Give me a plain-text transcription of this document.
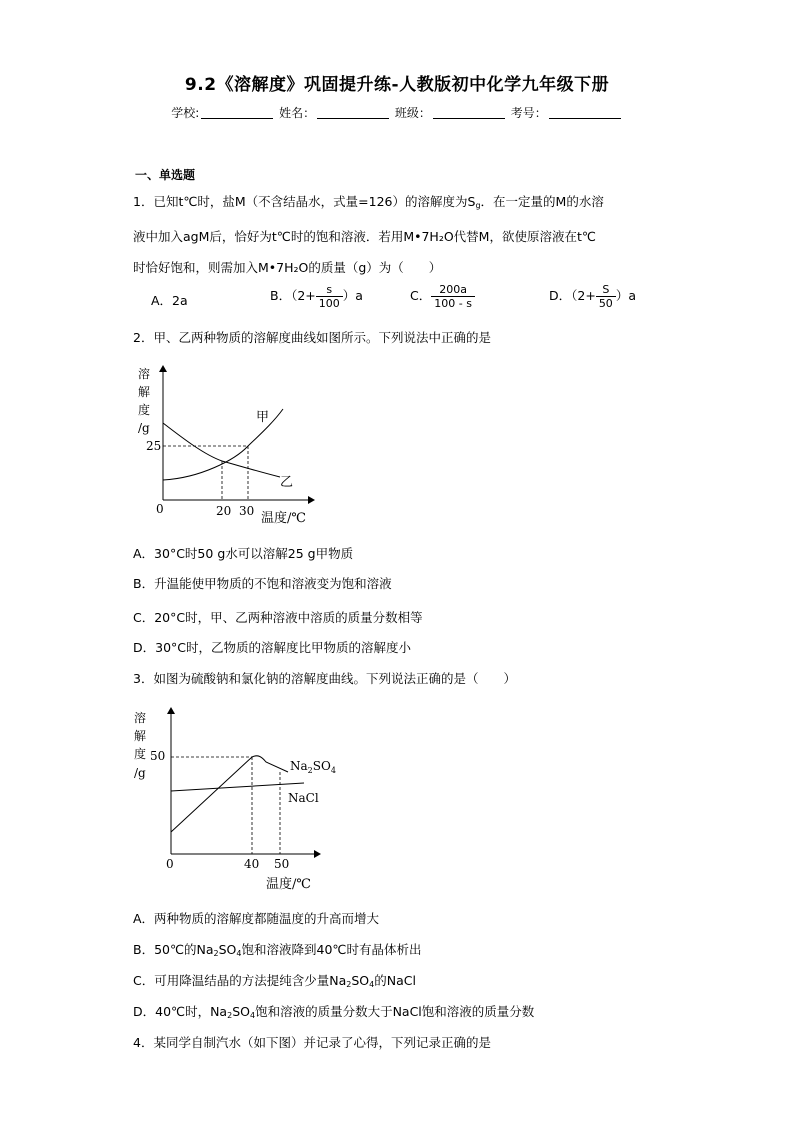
9.2《溶解度》巩固提升练-人教版初中化学九年级下册
学校:	姓名：	班级：	考号：
一、单选题
1．已知t℃时，盐M（不含结晶水，式量=126）的溶解度为$S_g$．在一定量的M的水溶
液中加入agM后，恰好为t℃时的饱和溶液．若用M•7H₂O代替M，欲使原溶液在t℃
时恰好饱和，则需加入M•7H₂O的质量（g）为（　　）
A．2a	B．$(2+ \frac{s}{100} )a$	C． $\frac{200a}{100 - s}$	D．$(2+ \frac{S}{50} )a$
2．甲、乙两种物质的溶解度曲线如图所示。下列说法中正确的是
溶
解
度
/g
25
0	20 30 温度/℃
甲
乙
A．30°C时50 g水可以溶解25 g甲物质
B．升温能使甲物质的不饱和溶液变为饱和溶液
C．20°C时，甲、乙两种溶液中溶质的质量分数相等
D．30°C时，乙物质的溶解度比甲物质的溶解度小
3．如图为硫酸钠和氯化钠的溶解度曲线。下列说法正确的是（　　）
溶
解
度 50
/g
0	40 50
温度/℃
$Na_2SO_4$
NaCl
A．两种物质的溶解度都随温度的升高而增大
B．50℃的$Na_2SO_4$饱和溶液降到40℃时有晶体析出
C．可用降温结晶的方法提纯含少量$Na_2SO_4$的NaCl
D．40℃时，$Na_2SO_4$饱和溶液的质量分数大于NaCl饱和溶液的质量分数
4．某同学自制汽水（如下图）并记录了心得，下列记录正确的是
